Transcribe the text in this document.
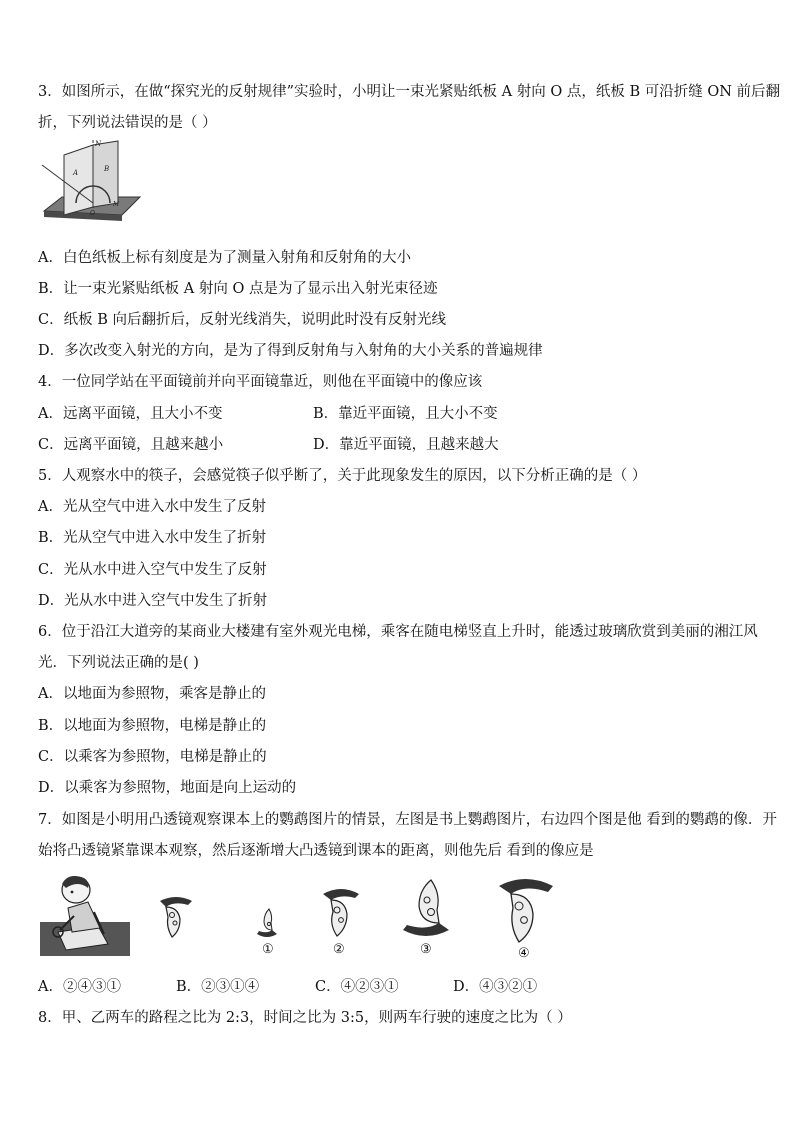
3．如图所示，在做“探究光的反射规律”实验时，小明让一束光紧贴纸板 A 射向 O 点，纸板 B 可沿折缝 ON 前后翻
折，下列说法错误的是（ ）
N
A	B
O
M
A．白色纸板上标有刻度是为了测量入射角和反射角的大小
B．让一束光紧贴纸板 A 射向 O 点是为了显示出入射光束径迹
C．纸板 B 向后翻折后，反射光线消失，说明此时没有反射光线
D．多次改变入射光的方向，是为了得到反射角与入射角的大小关系的普遍规律
4．一位同学站在平面镜前并向平面镜靠近，则他在平面镜中的像应该
A．远离平面镜，且大小不变	B．靠近平面镜，且大小不变
C．远离平面镜，且越来越小	D．靠近平面镜，且越来越大
5．人观察水中的筷子，会感觉筷子似乎断了，关于此现象发生的原因，以下分析正确的是（ ）
A．光从空气中进入水中发生了反射
B．光从空气中进入水中发生了折射
C．光从水中进入空气中发生了反射
D．光从水中进入空气中发生了折射
6．位于沿江大道旁的某商业大楼建有室外观光电梯，乘客在随电梯竖直上升时，能透过玻璃欣赏到美丽的湘江风
光．下列说法正确的是( )
A．以地面为参照物，乘客是静止的
B．以地面为参照物，电梯是静止的
C．以乘客为参照物，电梯是静止的
D．以乘客为参照物，地面是向上运动的
7．如图是小明用凸透镜观察课本上的鹦鹉图片的情景，左图是书上鹦鹉图片，右边四个图是他 看到的鹦鹉的像．开
始将凸透镜紧靠课本观察，然后逐渐增大凸透镜到课本的距离，则他先后 看到的像应是
①	②	③	④
A．②④③①	B．②③①④	C．④②③①	D．④③②①
8．甲、乙两车的路程之比为 2:3，时间之比为 3:5，则两车行驶的速度之比为（ ）
